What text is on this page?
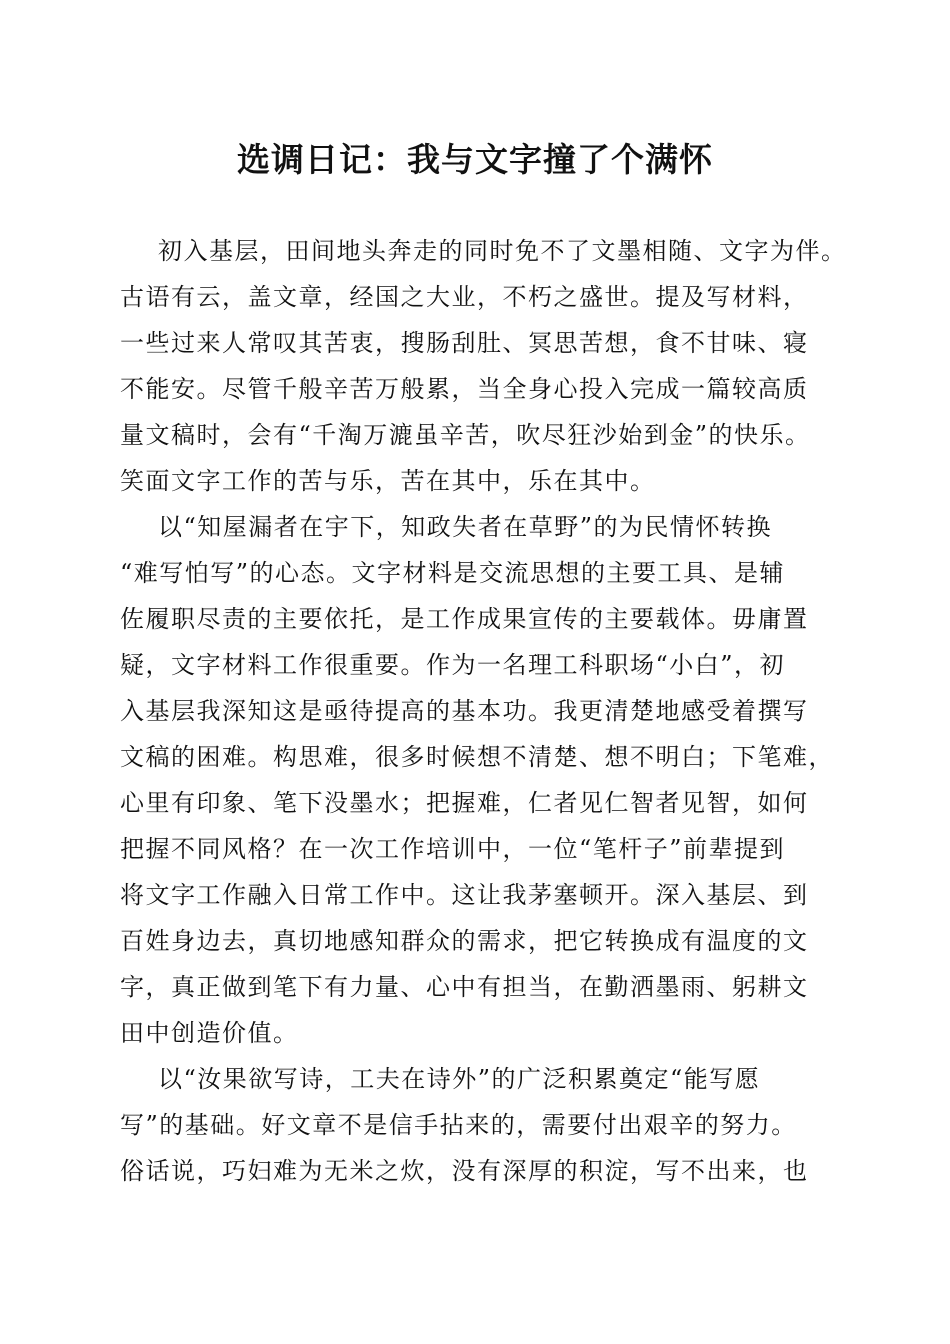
选调日记：我与文字撞了个满怀
初入基层，田间地头奔走的同时免不了文墨相随、文字为伴。
古语有云，盖文章，经国之大业，不朽之盛世。提及写材料，
一些过来人常叹其苦衷，搜肠刮肚、冥思苦想，食不甘味、寝
不能安。尽管千般辛苦万般累，当全身心投入完成一篇较高质
量文稿时，会有“千淘万漉虽辛苦，吹尽狂沙始到金”的快乐。
笑面文字工作的苦与乐，苦在其中，乐在其中。
以“知屋漏者在宇下，知政失者在草野”的为民情怀转换
“难写怕写”的心态。文字材料是交流思想的主要工具、是辅
佐履职尽责的主要依托，是工作成果宣传的主要载体。毋庸置
疑，文字材料工作很重要。作为一名理工科职场“小白”，初
入基层我深知这是亟待提高的基本功。我更清楚地感受着撰写
文稿的困难。构思难，很多时候想不清楚、想不明白；下笔难，
心里有印象、笔下没墨水；把握难，仁者见仁智者见智，如何
把握不同风格？在一次工作培训中，一位“笔杆子”前辈提到
将文字工作融入日常工作中。这让我茅塞顿开。深入基层、到
百姓身边去，真切地感知群众的需求，把它转换成有温度的文
字，真正做到笔下有力量、心中有担当，在勤洒墨雨、躬耕文
田中创造价值。
以“汝果欲写诗，工夫在诗外”的广泛积累奠定“能写愿
写”的基础。好文章不是信手拈来的，需要付出艰辛的努力。
俗话说，巧妇难为无米之炊，没有深厚的积淀，写不出来，也
